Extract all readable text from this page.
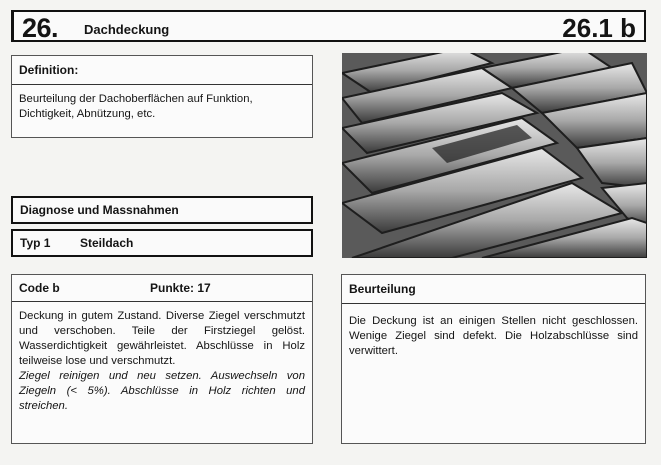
26. Dachdeckung	26.1 b
Definition:
Beurteilung der Dachoberflächen auf Funktion, Dichtigkeit, Abnützung, etc.
Diagnose und Massnahmen
Typ 1 Steildach
Code b	Punkte: 17
Deckung in gutem Zustand. Diverse Ziegel verschmutzt und verschoben. Teile der Firstziegel gelöst. Wasserdichtigkeit gewährleistet. Abschlüsse in Holz teilweise lose und verschmutzt.
Ziegel reinigen und neu setzen. Auswechseln von Ziegeln (< 5%). Abschlüsse in Holz richten und streichen.
Beurteilung
Die Deckung ist an einigen Stellen nicht geschlossen. Wenige Ziegel sind defekt. Die Holzabschlüsse sind verwittert.
